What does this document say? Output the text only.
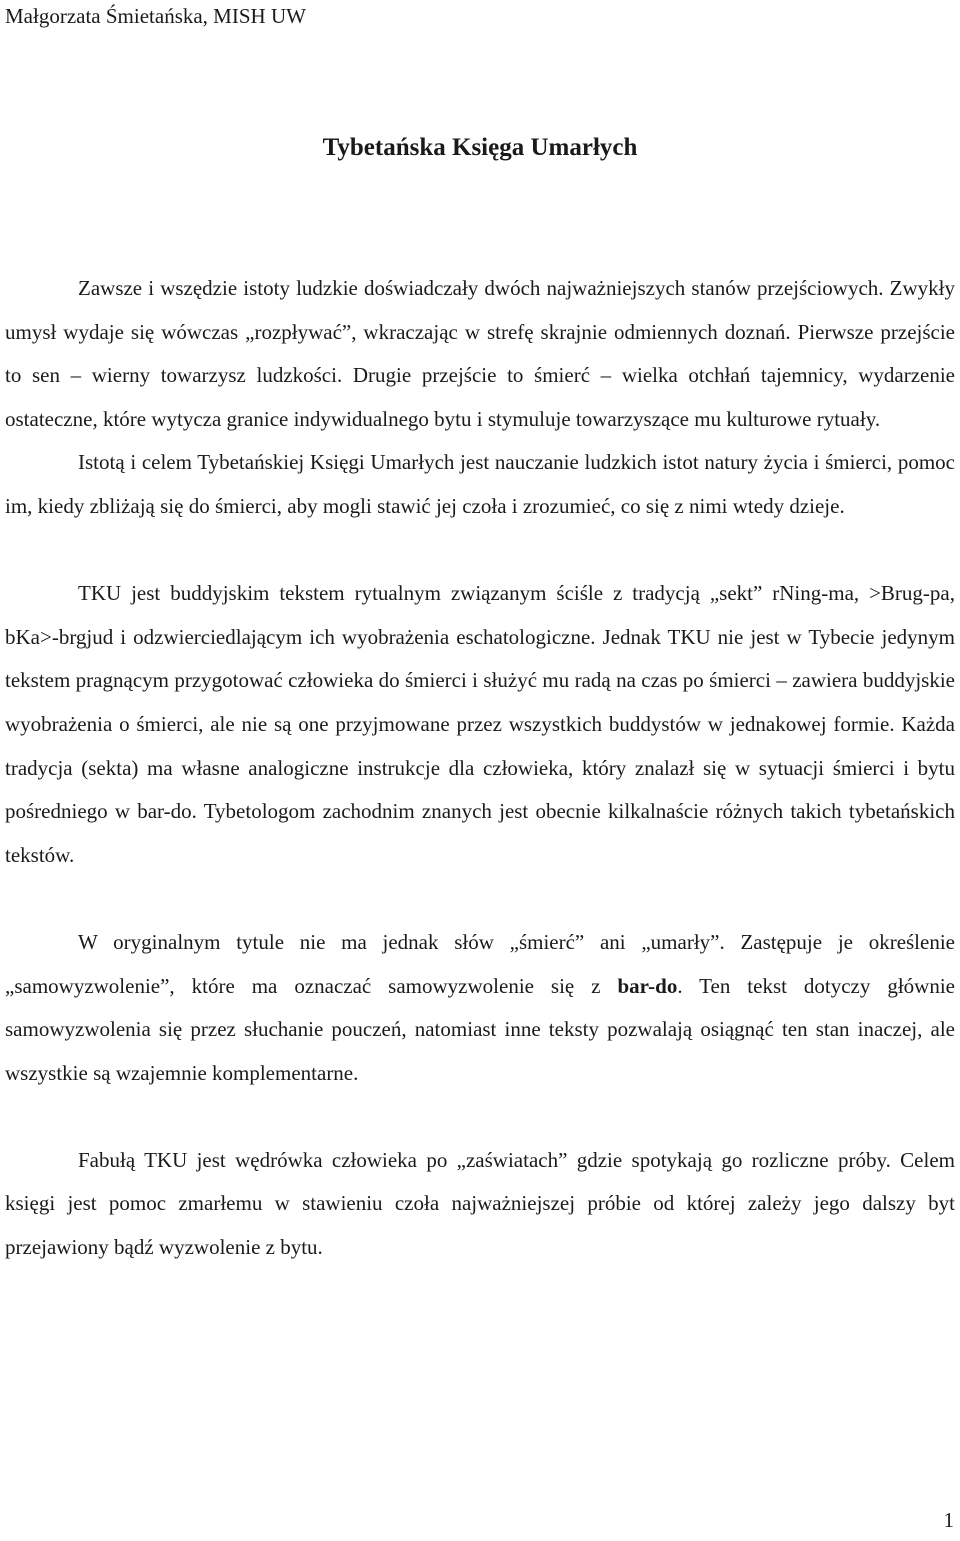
Małgorzata Śmietańska, MISH UW
Tybetańska Księga Umarłych

Zawsze i wszędzie istoty ludzkie doświadczały dwóch najważniejszych stanów przejściowych. Zwykły umysł wydaje się wówczas „rozpływać”, wkraczając w strefę skrajnie odmiennych doznań. Pierwsze przejście to sen – wierny towarzysz ludzkości. Drugie przejście to śmierć – wielka otchłań tajemnicy, wydarzenie ostateczne, które wytycza granice indywidualnego bytu i stymuluje towarzyszące mu kulturowe rytuały.

Istotą i celem Tybetańskiej Księgi Umarłych jest nauczanie ludzkich istot natury życia i śmierci, pomoc im, kiedy zbliżają się do śmierci, aby mogli stawić jej czoła i zrozumieć, co się z nimi wtedy dzieje.

TKU jest buddyjskim tekstem rytualnym związanym ściśle z tradycją „sekt” rNing-ma, >Brug-pa, bKa>-brgjud i odzwierciedlającym ich wyobrażenia eschatologiczne. Jednak TKU nie jest w Tybecie jedynym tekstem pragnącym przygotować człowieka do śmierci i służyć mu radą na czas po śmierci – zawiera buddyjskie wyobrażenia o śmierci, ale nie są one przyjmowane przez wszystkich buddystów w jednakowej formie. Każda tradycja (sekta) ma własne analogiczne instrukcje dla człowieka, który znalazł się w sytuacji śmierci i bytu pośredniego w bar-do. Tybetologom zachodnim znanych jest obecnie kilkalnaście różnych takich tybetańskich tekstów.

W oryginalnym tytule nie ma jednak słów „śmierć” ani „umarły”. Zastępuje je określenie „samowyzwolenie”, które ma oznaczać samowyzwolenie się z bar-do. Ten tekst dotyczy głównie samowyzwolenia się przez słuchanie pouczeń, natomiast inne teksty pozwalają osiągnąć ten stan inaczej, ale wszystkie są wzajemnie komplementarne.

Fabułą TKU jest wędrówka człowieka po „zaświatach” gdzie spotykają go rozliczne próby. Celem księgi jest pomoc zmarłemu w stawieniu czoła najważniejszej próbie od której zależy jego dalszy byt przejawiony bądź wyzwolenie z bytu.

1
